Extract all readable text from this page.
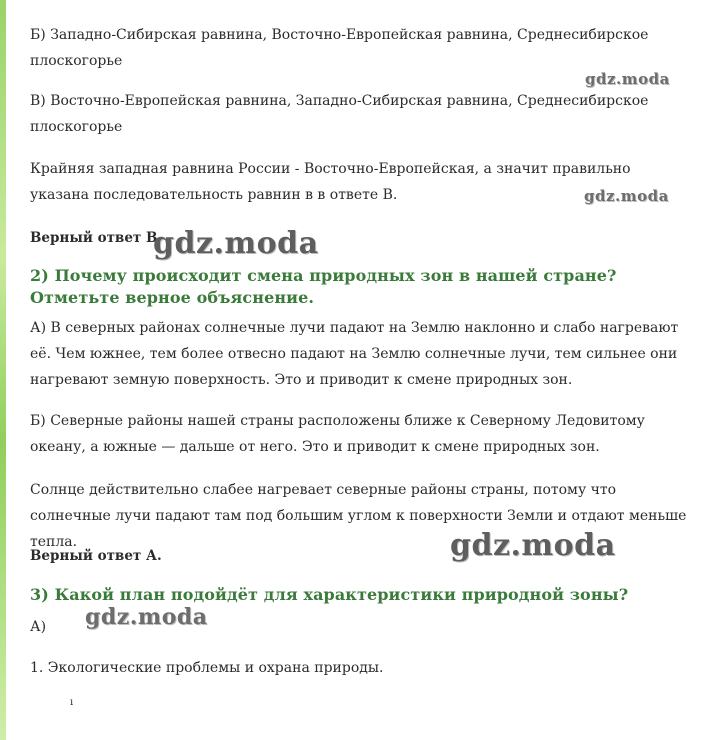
Б) Западно-Сибирская равнина, Восточно-Европейская равнина, Среднесибирское плоскогорье

В) Восточно-Европейская равнина, Западно-Сибирская равнина, Среднесибирское плоскогорье

Крайняя западная равнина России - Восточно-Европейская, а значит правильно указана последовательность равнин в в ответе В.

Верный ответ В.

2) Почему происходит смена природных зон в нашей стране? Отметьте верное объяснение.

А) В северных районах солнечные лучи падают на Землю наклонно и слабо нагревают её. Чем южнее, тем более отвесно падают на Землю солнечные лучи, тем сильнее они нагревают земную поверхность. Это и приводит к смене природных зон.

Б) Северные районы нашей страны расположены ближе к Северному Ледовитому океану, а южные — дальше от него. Это и приводит к смене природных зон.

Солнце действительно слабее нагревает северные районы страны, потому что солнечные лучи падают там под большим углом к поверхности Земли и отдают меньше тепла.

Верный ответ А.

3) Какой план подойдёт для характеристики природной зоны?

А)

1. Экологические проблемы и охрана природы.

ı
gdz.moda
gdz.moda
gdz.moda
gdz.moda
gdz.moda
